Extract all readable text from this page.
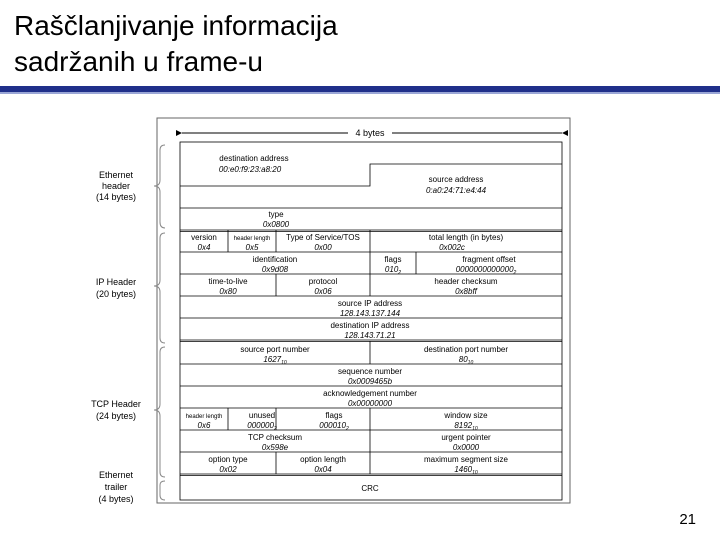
Raščlanjivanje informacija
sadržanih u frame-u
4 bytes
Ethernet
header
(14 bytes)
IP Header
(20 bytes)
TCP Header
(24 bytes)
Ethernet
trailer
(4 bytes)
destination address
00:e0:f9:23:a8:20
source address
0:a0:24:71:e4:44
type
0x0800
version
0x4
header length
0x5
Type of Service/TOS
0x00
total length (in bytes)
0x002c
identification
0x9d08
flags
$010_2$
fragment offset
$0000000000000_2$
time-to-live
0x80
protocol
0x06
header checksum
0x8bff
source IP address
128.143.137.144
destination IP address
128.143.71.21
source port number
$1627_{10}$
destination port number
$80_{10}$
sequence number
0x0009465b
acknowledgement number
0x00000000
header length
0x6
unused
$000000_2$
flags
$000010_2$
window size
$8192_{10}$
TCP checksum
0x598e
urgent pointer
0x0000
option type
0x02
option length
0x04
maximum segment size
$1460_{10}$
CRC
21
